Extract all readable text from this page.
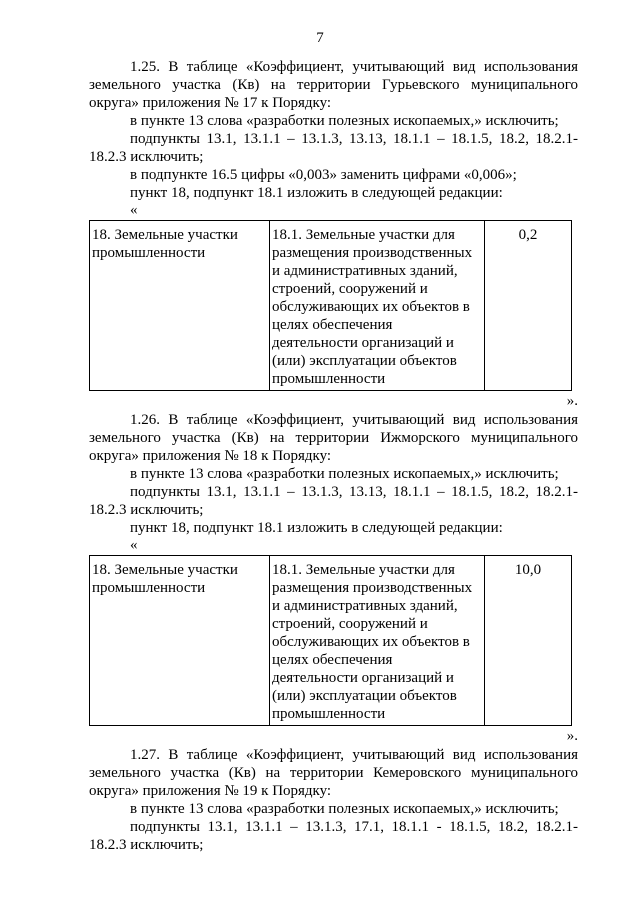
7

1.25. В таблице «Коэффициент, учитывающий вид использования

земельного участка (Кв) на территории Гурьевского муниципального

округа» приложения № 17 к Порядку:

в пункте 13 слова «разработки полезных ископаемых,» исключить;

подпункты 13.1, 13.1.1 – 13.1.3, 13.13, 18.1.1 – 18.1.5, 18.2, 18.2.1-

18.2.3 исключить;

в подпункте 16.5 цифры «0,003» заменить цифрами «0,006»;

пункт 18, подпункт 18.1 изложить в следующей редакции:

«

18. Земельные участки промышленности	18.1. Земельные участки для размещения производственных и административных зданий, строений, сооружений и обслуживающих их объектов в целях обеспечения деятельности организаций и (или) эксплуатации объектов промышленности	0,2

».

1.26. В таблице «Коэффициент, учитывающий вид использования

земельного участка (Кв) на территории Ижморского муниципального

округа» приложения № 18 к Порядку:

в пункте 13 слова «разработки полезных ископаемых,» исключить;

подпункты 13.1, 13.1.1 – 13.1.3, 13.13, 18.1.1 – 18.1.5, 18.2, 18.2.1-

18.2.3 исключить;

пункт 18, подпункт 18.1 изложить в следующей редакции:

«

18. Земельные участки промышленности	18.1. Земельные участки для размещения производственных и административных зданий, строений, сооружений и обслуживающих их объектов в целях обеспечения деятельности организаций и (или) эксплуатации объектов промышленности	10,0

».

1.27. В таблице «Коэффициент, учитывающий вид использования

земельного участка (Кв) на территории Кемеровского муниципального

округа» приложения № 19 к Порядку:

в пункте 13 слова «разработки полезных ископаемых,» исключить;

подпункты 13.1, 13.1.1 – 13.1.3, 17.1, 18.1.1 - 18.1.5, 18.2, 18.2.1-

18.2.3 исключить;
